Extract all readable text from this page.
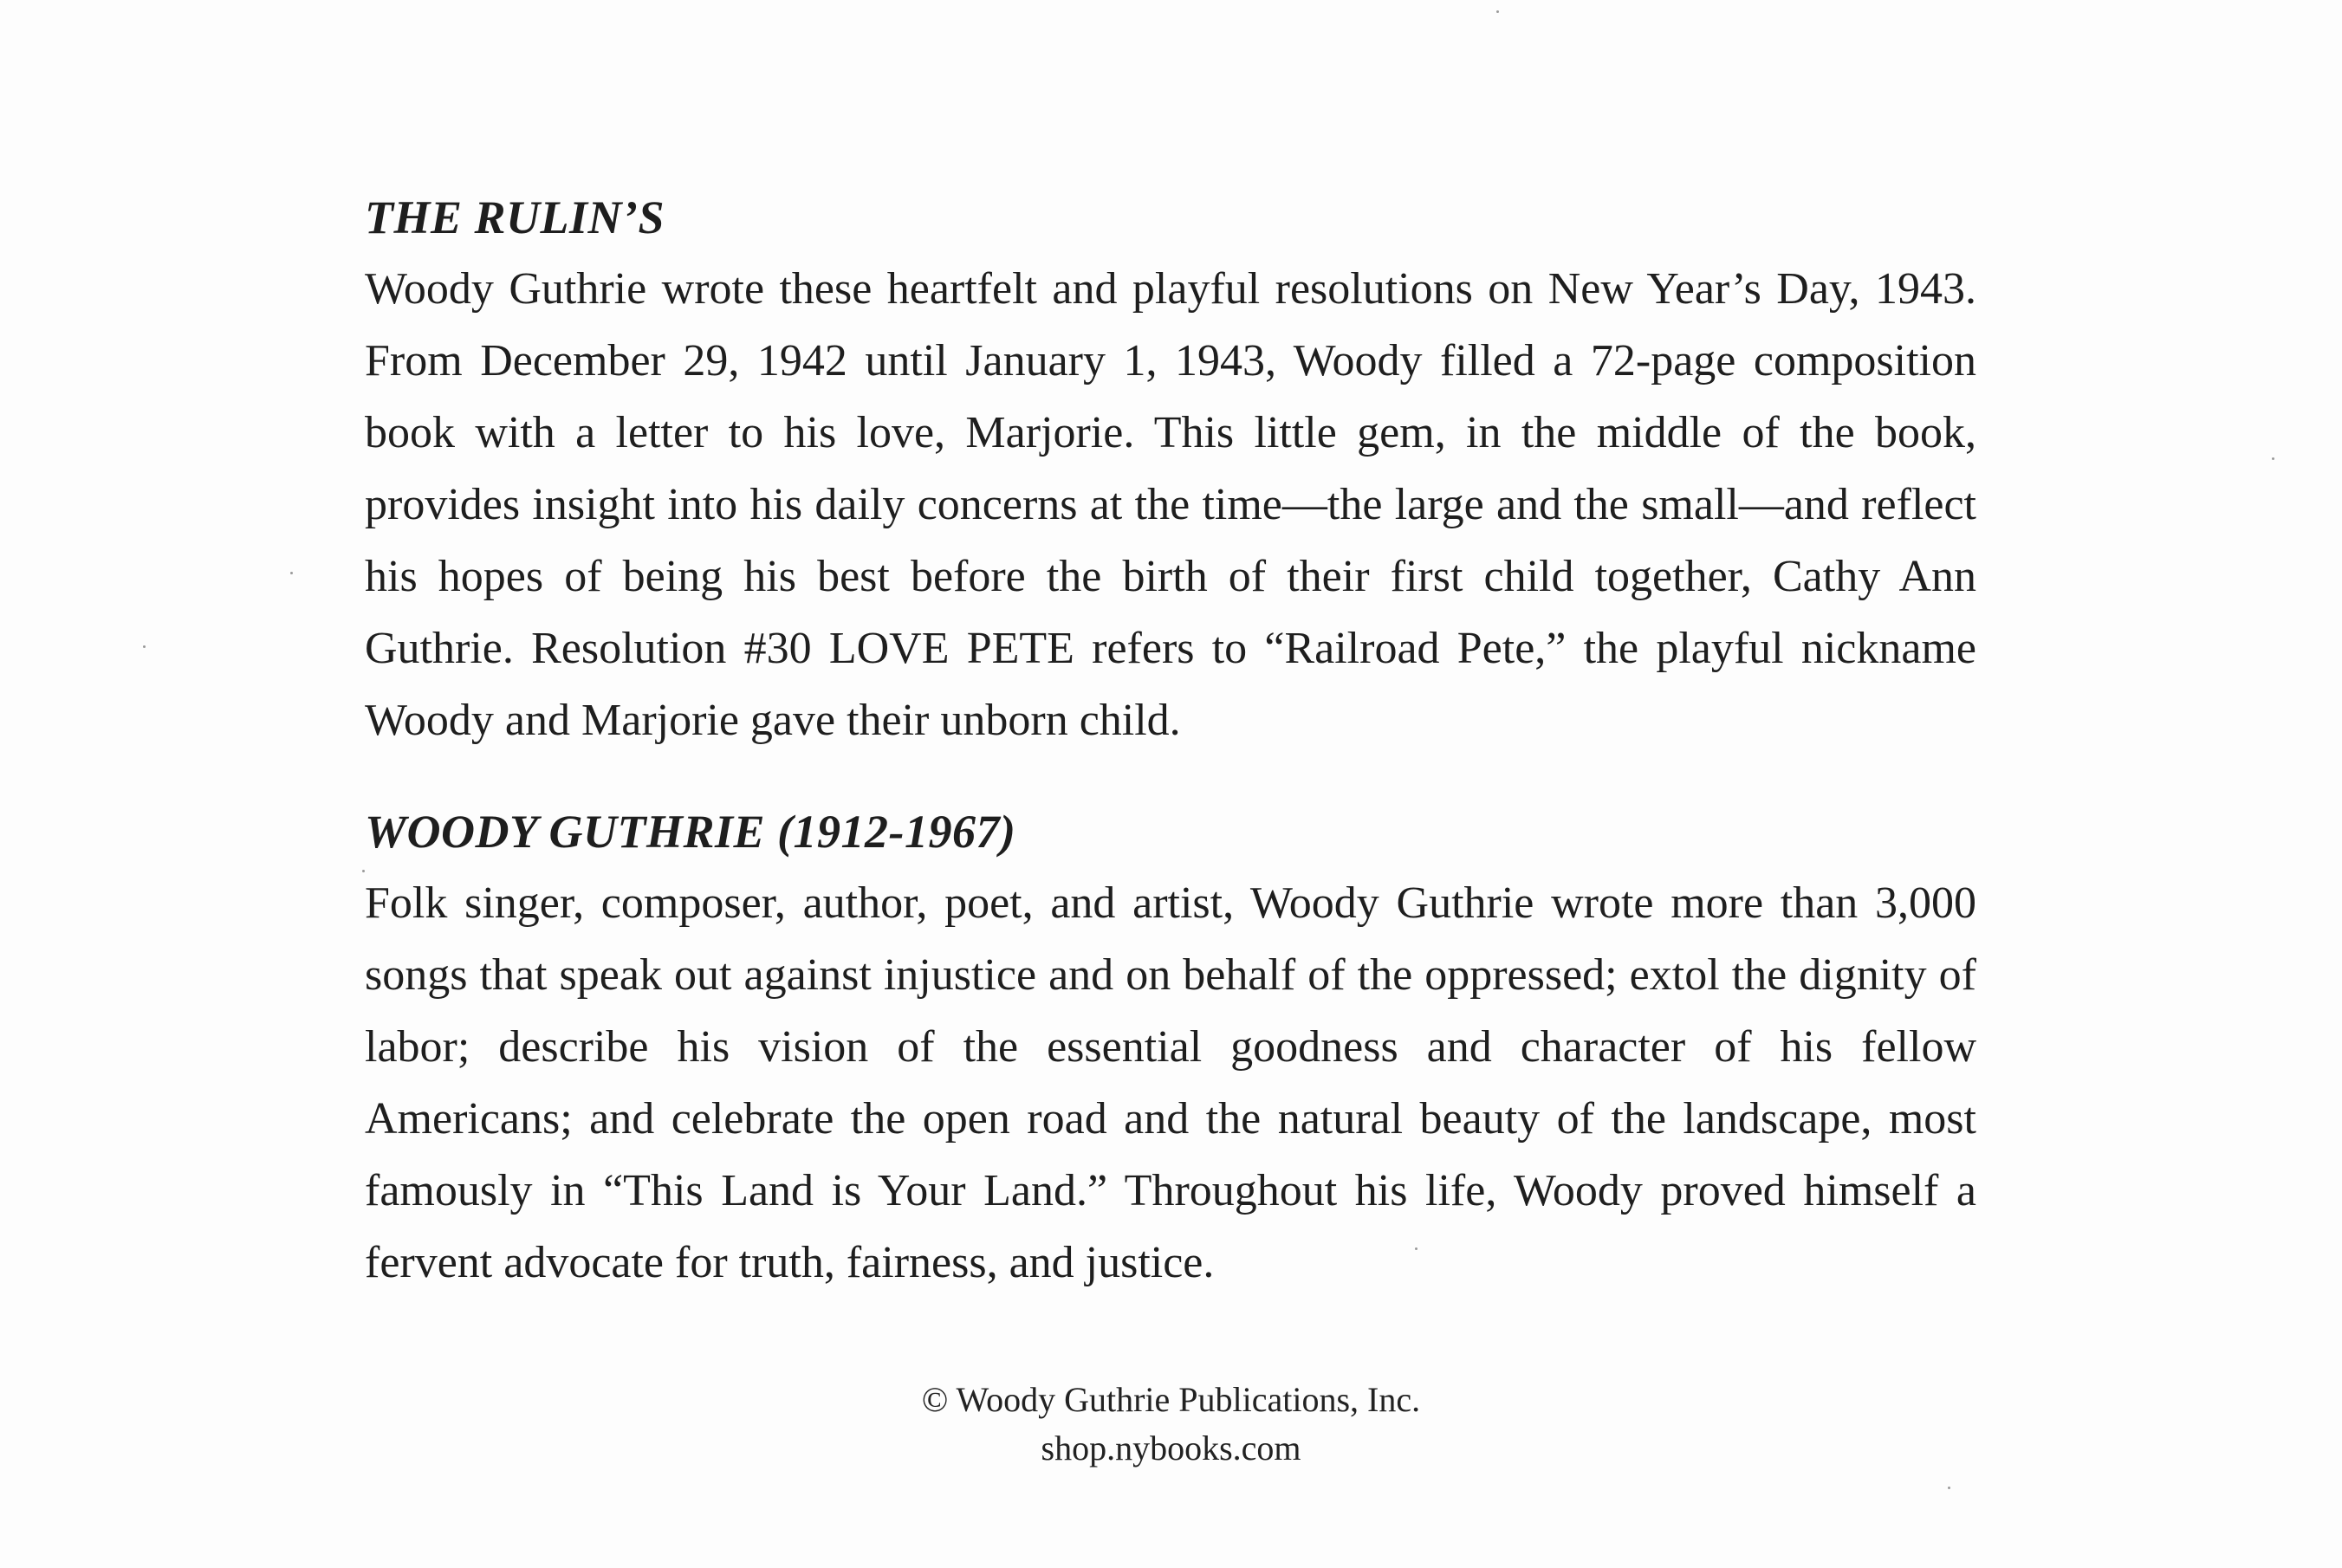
THE RULIN’S

Woody Guthrie wrote these heartfelt and playful resolutions on New Year’s Day, 1943. From December 29, 1942 until January 1, 1943, Woody filled a 72-page composition book with a letter to his love, Marjorie. This little gem, in the middle of the book, provides insight into his daily concerns at the time—the large and the small—and reflect his hopes of being his best before the birth of their first child together, Cathy Ann Guthrie. Resolution #30 LOVE PETE refers to “Railroad Pete,” the playful nickname Woody and Marjorie gave their unborn child.

WOODY GUTHRIE (1912-1967)

Folk singer, composer, author, poet, and artist, Woody Guthrie wrote more than 3,000 songs that speak out against injustice and on behalf of the oppressed; extol the dignity of labor; describe his vision of the essential goodness and character of his fellow Americans; and celebrate the open road and the natural beauty of the landscape, most famously in “This Land is Your Land.” Throughout his life, Woody proved himself a fervent advocate for truth, fairness, and justice.

© Woody Guthrie Publications, Inc.
shop.nybooks.com
